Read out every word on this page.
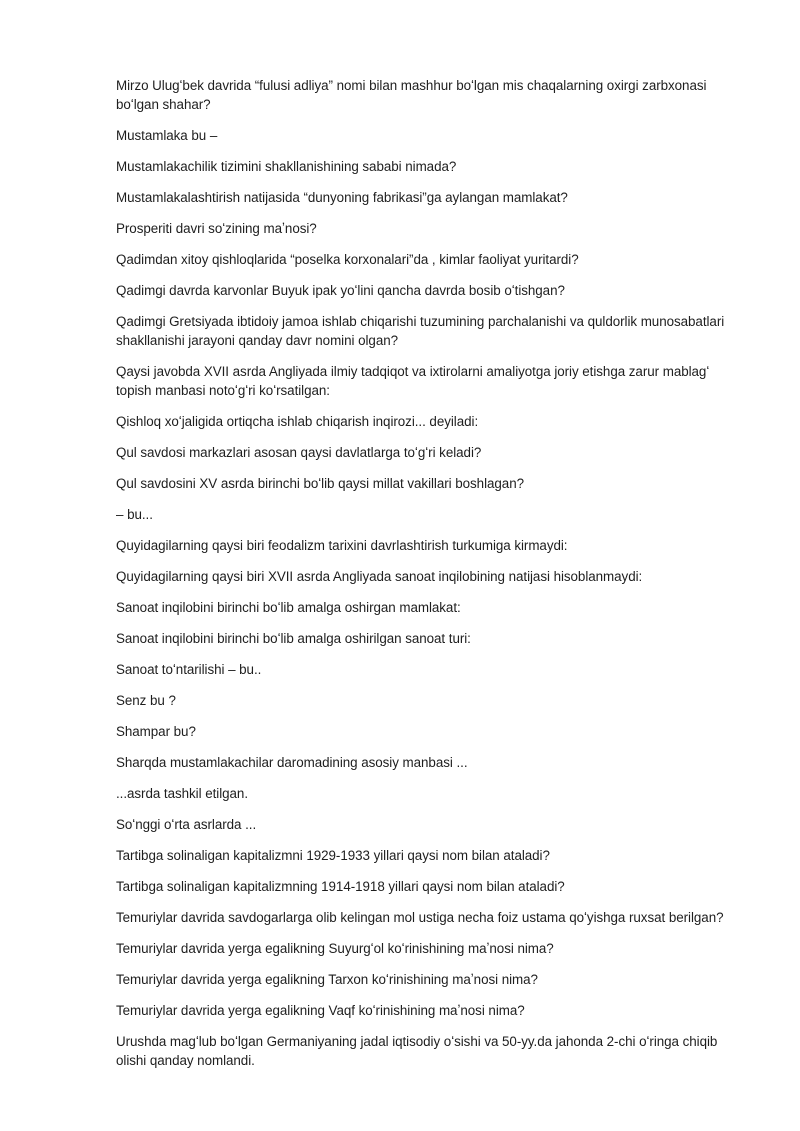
Mirzo Ulugʻbek davrida “fulusi adliya” nomi bilan mashhur boʻlgan mis chaqalarning oxirgi zarbxonasi boʻlgan shahar?

Mustamlaka bu –

Mustamlakachilik tizimini shakllanishining sababi nimada?

Mustamlakalashtirish natijasida “dunyoning fabrikasi”ga aylangan mamlakat?

Prosperiti davri soʻzining maʼnosi?

Qadimdan xitoy qishloqlarida “poselka korxonalari”da , kimlar faoliyat yuritardi?

Qadimgi davrda karvonlar Buyuk ipak yoʻlini qancha davrda bosib oʻtishgan?

Qadimgi Gretsiyada ibtidoiy jamoa ishlab chiqarishi tuzumining parchalanishi va quldorlik munosabatlari shakllanishi jarayoni qanday davr nomini olgan?

Qaysi javobda XVII asrda Angliyada ilmiy tadqiqot va ixtirolarni amaliyotga joriy etishga zarur mablagʻ topish manbasi notoʻgʻri koʻrsatilgan:

Qishloq xoʻjaligida ortiqcha ishlab chiqarish inqirozi... deyiladi:

Qul savdosi markazlari asosan qaysi davlatlarga toʻgʻri keladi?

Qul savdosini XV asrda birinchi boʻlib qaysi millat vakillari boshlagan?

– bu...

Quyidagilarning qaysi biri feodalizm tarixini davrlashtirish turkumiga kirmaydi:

Quyidagilarning qaysi biri XVII asrda Angliyada sanoat inqilobining natijasi hisoblanmaydi:

Sanoat inqilobini birinchi boʻlib amalga oshirgan mamlakat:

Sanoat inqilobini birinchi boʻlib amalga oshirilgan sanoat turi:

Sanoat toʻntarilishi – bu..

Senz bu ?

Shampar bu?

Sharqda mustamlakachilar daromadining asosiy manbasi ...

...asrda tashkil etilgan.

Soʻnggi oʻrta asrlarda ...

Tartibga solinaligan kapitalizmni 1929-1933 yillari qaysi nom bilan ataladi?

Tartibga solinaligan kapitalizmning 1914-1918 yillari qaysi nom bilan ataladi?

Temuriylar davrida savdogarlarga olib kelingan mol ustiga necha foiz ustama qoʻyishga ruxsat berilgan?

Temuriylar davrida yerga egalikning Suyurgʻol koʻrinishining maʼnosi nima?

Temuriylar davrida yerga egalikning Tarxon koʻrinishining maʼnosi nima?

Temuriylar davrida yerga egalikning Vaqf koʻrinishining maʼnosi nima?

Urushda magʻlub boʻlgan Germaniyaning jadal iqtisodiy oʻsishi va 50-yy.da jahonda 2-chi oʻringa chiqib olishi qanday nomlandi.
